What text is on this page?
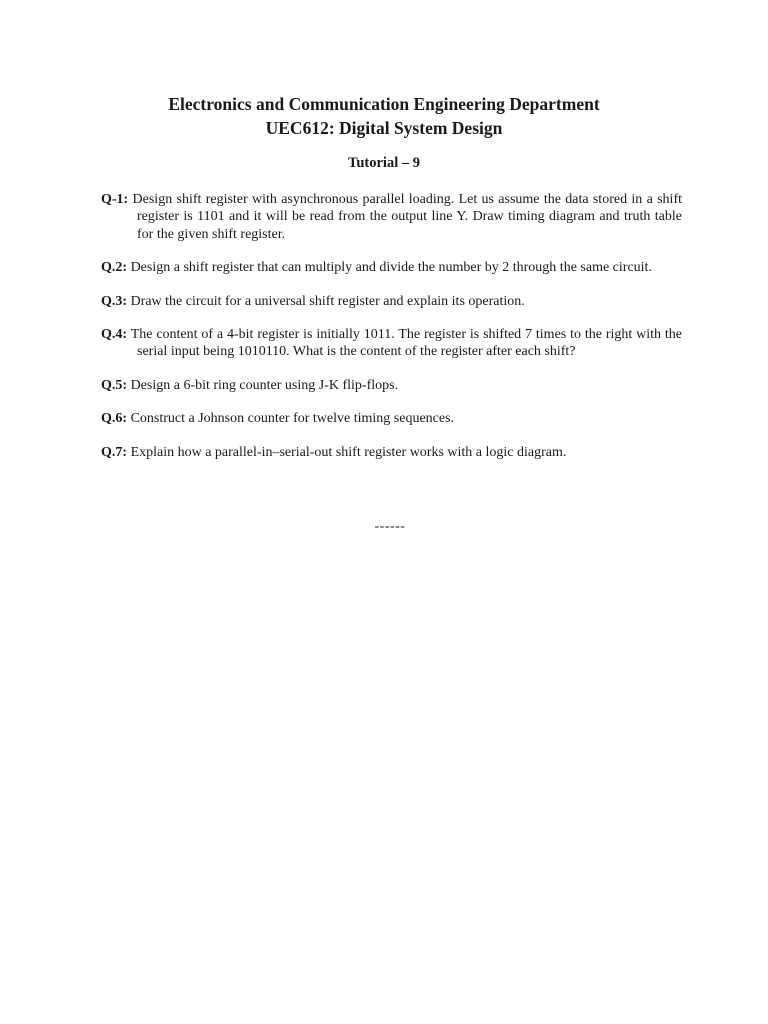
Electronics and Communication Engineering Department
UEC612: Digital System Design
Tutorial – 9

Q-1: Design shift register with asynchronous parallel loading. Let us assume the data stored in a shift register is 1101 and it will be read from the output line Y. Draw timing diagram and truth table for the given shift register.

Q.2: Design a shift register that can multiply and divide the number by 2 through the same circuit.

Q.3: Draw the circuit for a universal shift register and explain its operation.

Q.4: The content of a 4-bit register is initially 1011. The register is shifted 7 times to the right with the serial input being 1010110. What is the content of the register after each shift?

Q.5: Design a 6-bit ring counter using J-K flip-flops.

Q.6: Construct a Johnson counter for twelve timing sequences.

Q.7: Explain how a parallel-in–serial-out shift register works with a logic diagram.

------
